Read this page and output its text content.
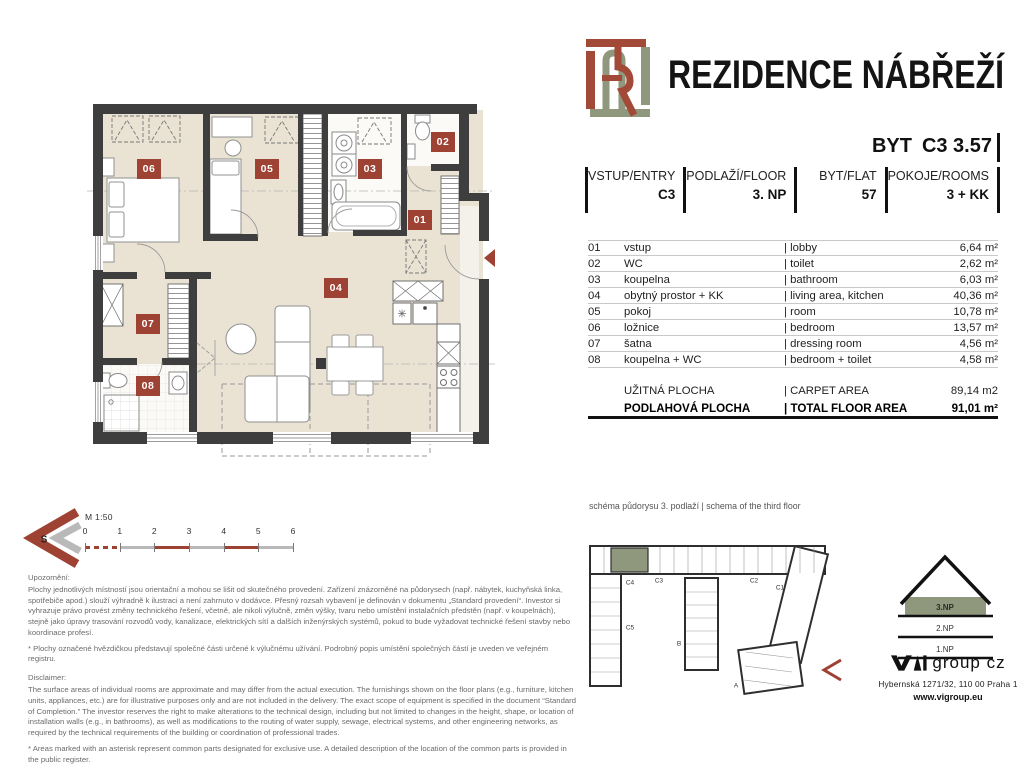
REZIDENCE NÁBŘEŽÍ
BYT C3 3.57
VSTUP/ENTRY
C3
PODLAŽÍ/FLOOR
3. NP
BYT/FLAT
57
POKOJE/ROOMS
3 + KK
01	vstup	| lobby	6,64 m²
02	WC	| toilet	2,62 m²
03	koupelna	| bathroom	6,03 m²
04	obytný prostor + KK	| living area, kitchen	40,36 m²
05	pokoj	| room	10,78 m²
06	ložnice	| bedroom	13,57 m²
07	šatna	| dressing room	4,56 m²
08	koupelna + WC	| bedroom + toilet	4,58 m²
UŽITNÁ PLOCHA	| CARPET AREA	89,14 m2
PODLAHOVÁ PLOCHA	| TOTAL FLOOR AREA	91,01 m²
01
02
03
04
05
06
07
08
S
M 1:50
0	1	2	3	4	5	6

Upozornění:

Plochy jednotlivých místností jsou orientační a mohou se lišit od skutečného provedení. Zařízení znázorněné na půdorysech (např. nábytek, kuchyňská linka, spotřebiče apod.) slouží výhradně k ilustraci a není zahrnuto v dodávce. Přesný rozsah vybavení je definován v dokumentu „Standard provedení“. Investor si vyhrazuje právo provést změny technického řešení, včetně, ale nikoli výlučně, změn výšky, tvaru nebo umístění instalačních předstěn (např. v koupelnách), stejně jako úpravy trasování rozvodů vody, kanalizace, elektrických sítí a dalších inženýrských systémů, pokud to bude vyžadovat technické řešení stavby nebo koordinace profesí.

* Plochy označené hvězdičkou představují společné části určené k výlučnému užívání. Podrobný popis umístění společných částí je uveden ve veřejném registru.

Disclaimer:

The surface areas of individual rooms are approximate and may differ from the actual execution. The furnishings shown on the floor plans (e.g., furniture, kitchen units, appliances, etc.) are for illustrative purposes only and are not included in the delivery. The exact scope of equipment is specified in the document “Standard of Completion.” The investor reserves the right to make alterations to the technical design, including but not limited to changes in the height, shape, or location of installation walls (e.g., in bathrooms), as well as modifications to the routing of water supply, sewage, electrical systems, and other engineering networks, as required by the technical requirements of the building or coordination of professional trades.

* Areas marked with an asterisk represent common parts designated for exclusive use. A detailed description of the location of the common parts is provided in the public register.

schéma půdorysu 3. podlaží | schema of the third floor
C4	C3	C2
C1
C5
B
A
3.NP
2.NP
1.NP
group cz
Hybernská 1271/32, 110 00 Praha 1
www.vigroup.eu
